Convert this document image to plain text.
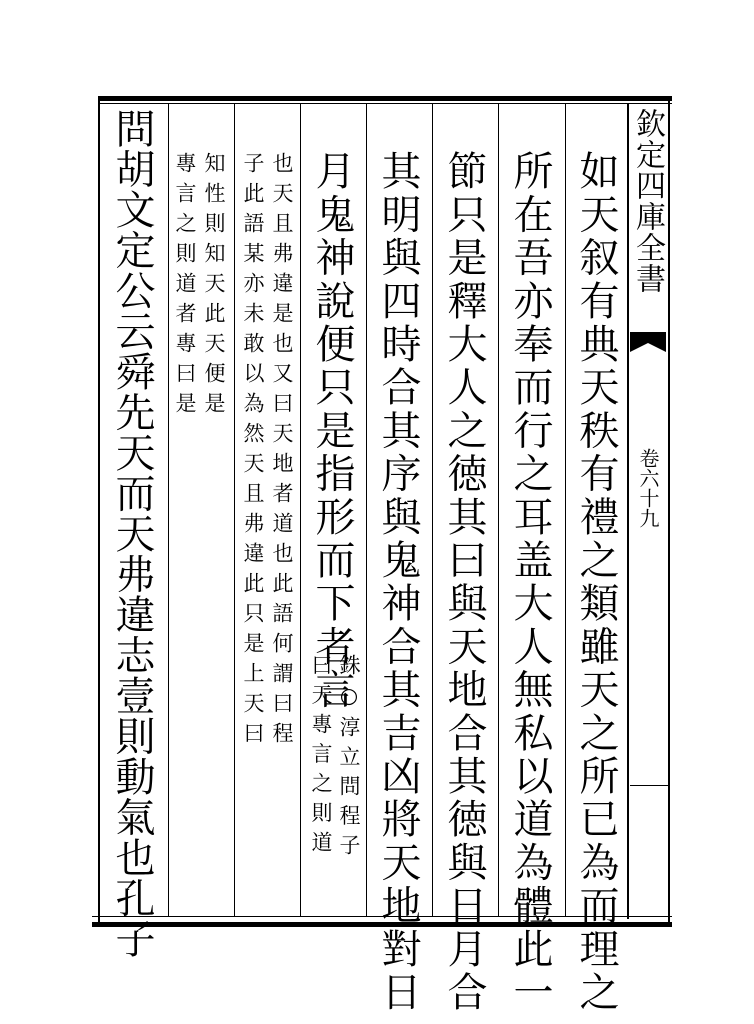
欽定四庫全書
卷六十九
如天叙有典天秩有禮之類雖天之所已為而理之
所在吾亦奉而行之耳盖大人無私以道為體此一
節只是釋大人之徳其曰與天地合其徳與日月合
其明與四時合其序與鬼神合其吉凶將天地對日
月鬼神說便只是指形而下者言
銖○淳立問程子
曰天專言之則道
也天且弗違是也又曰天地者道也此語何謂曰程
子此語某亦未敢以為然天且弗違此只是上天曰
知性則知天此天便是
專言之則道者專曰是
問胡文定公云舜先天而天弗違志壹則動氣也孔子
